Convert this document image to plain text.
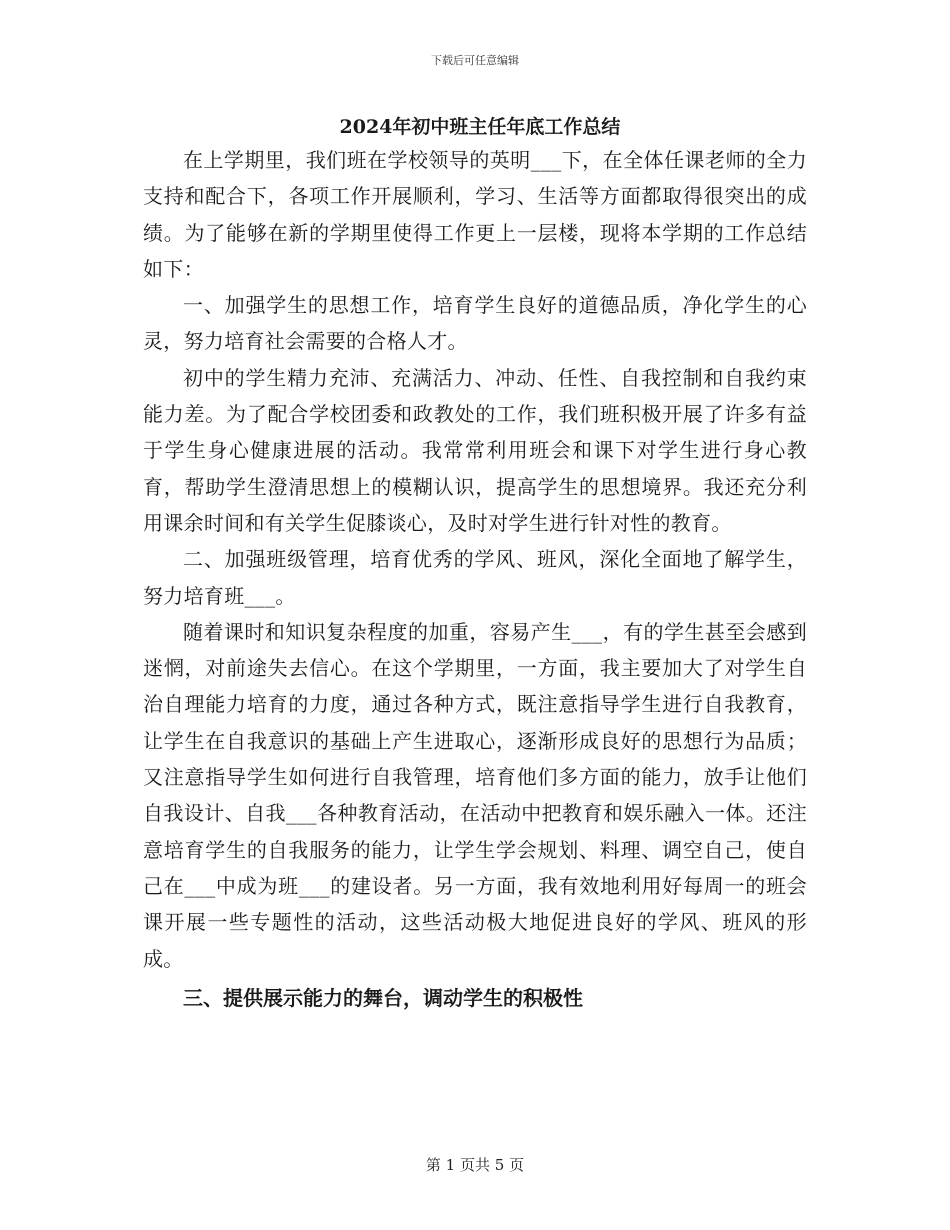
下载后可任意编辑
2024年初中班主任年底工作总结

在上学期里，我们班在学校领导的英明___下，在全体任课老师的全力支持和配合下，各项工作开展顺利，学习、生活等方面都取得很突出的成绩。为了能够在新的学期里使得工作更上一层楼，现将本学期的工作总结如下：

一、加强学生的思想工作，培育学生良好的道德品质，净化学生的心灵，努力培育社会需要的合格人才。

初中的学生精力充沛、充满活力、冲动、任性、自我控制和自我约束能力差。为了配合学校团委和政教处的工作，我们班积极开展了许多有益于学生身心健康进展的活动。我常常利用班会和课下对学生进行身心教育，帮助学生澄清思想上的模糊认识，提高学生的思想境界。我还充分利用课余时间和有关学生促膝谈心，及时对学生进行针对性的教育。

二、加强班级管理，培育优秀的学风、班风，深化全面地了解学生，努力培育班___。

随着课时和知识复杂程度的加重，容易产生___，有的学生甚至会感到迷惘，对前途失去信心。在这个学期里，一方面，我主要加大了对学生自治自理能力培育的力度，通过各种方式，既注意指导学生进行自我教育，让学生在自我意识的基础上产生进取心，逐渐形成良好的思想行为品质；又注意指导学生如何进行自我管理，培育他们多方面的能力，放手让他们自我设计、自我___各种教育活动，在活动中把教育和娱乐融入一体。还注意培育学生的自我服务的能力，让学生学会规划、料理、调空自己，使自己在___中成为班___的建设者。另一方面，我有效地利用好每周一的班会课开展一些专题性的活动，这些活动极大地促进良好的学风、班风的形成。

三、提供展示能力的舞台，调动学生的积极性

第 1 页共 5 页
